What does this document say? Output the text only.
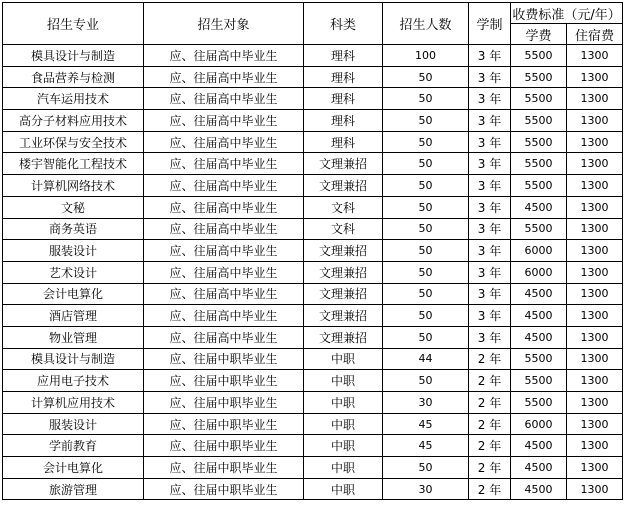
招生专业	招生对象	科类	招生人数	学制	收费标准（元/年）	
					学费	住宿费
模具设计与制造	应、往届高中毕业生	理科	100	3 年	5500	1300
食品营养与检测	应、往届高中毕业生	理科	50	3 年	5500	1300
汽车运用技术	应、往届高中毕业生	理科	50	3 年	5500	1300
高分子材料应用技术	应、往届高中毕业生	理科	50	3 年	5500	1300
工业环保与安全技术	应、往届高中毕业生	理科	50	3 年	5500	1300
楼宇智能化工程技术	应、往届高中毕业生	文理兼招	50	3 年	5500	1300
计算机网络技术	应、往届高中毕业生	文理兼招	50	3 年	5500	1300
文秘	应、往届高中毕业生	文科	50	3 年	4500	1300
商务英语	应、往届高中毕业生	文科	50	3 年	5500	1300
服装设计	应、往届高中毕业生	文理兼招	50	3 年	6000	1300
艺术设计	应、往届高中毕业生	文理兼招	50	3 年	6000	1300
会计电算化	应、往届高中毕业生	文理兼招	50	3 年	4500	1300
酒店管理	应、往届高中毕业生	文理兼招	50	3 年	4500	1300
物业管理	应、往届高中毕业生	文理兼招	50	3 年	4500	1300
模具设计与制造	应、往届中职毕业生	中职	44	2 年	5500	1300
应用电子技术	应、往届中职毕业生	中职	50	2 年	5500	1300
计算机应用技术	应、往届中职毕业生	中职	30	2 年	5500	1300
服装设计	应、往届中职毕业生	中职	45	2 年	6000	1300
学前教育	应、往届中职毕业生	中职	45	2 年	4500	1300
会计电算化	应、往届中职毕业生	中职	50	2 年	4500	1300
旅游管理	应、往届中职毕业生	中职	30	2 年	4500	1300
